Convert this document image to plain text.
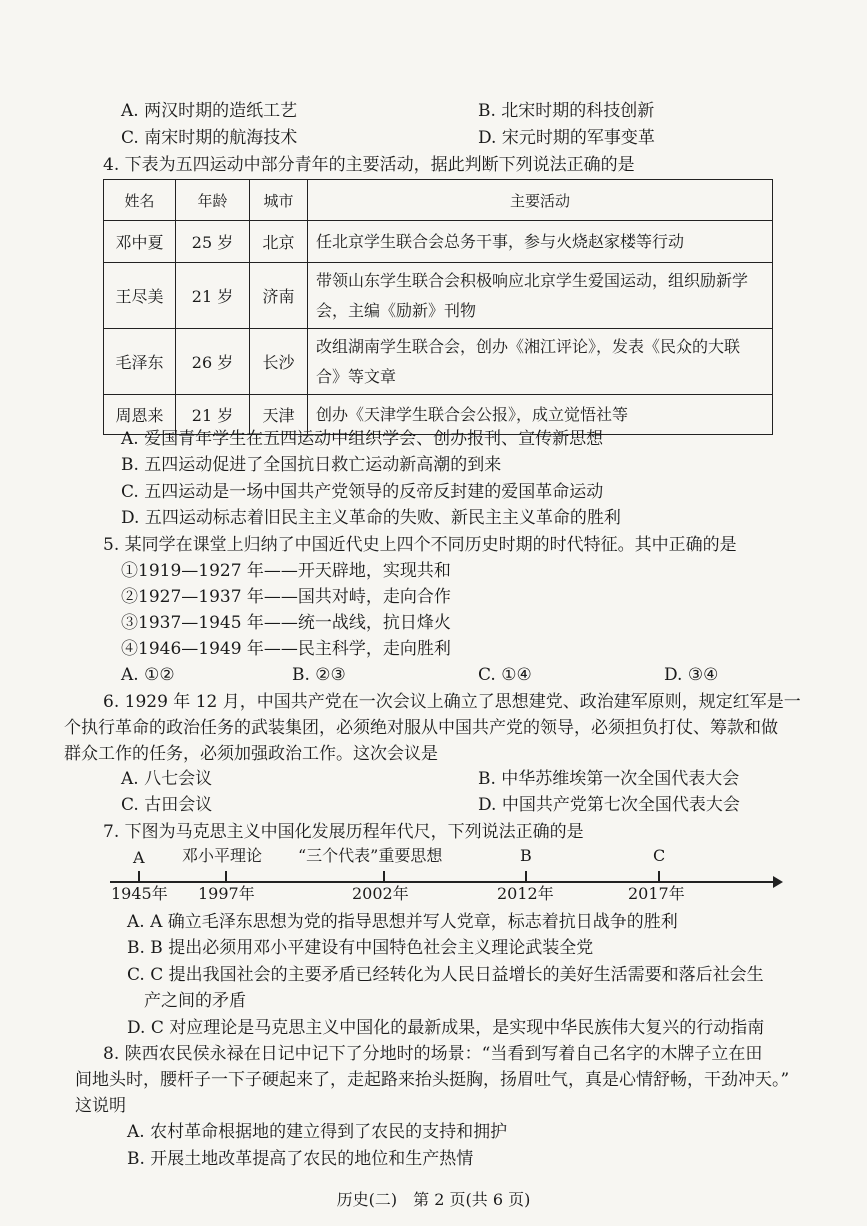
A. 两汉时期的造纸工艺	B. 北宋时期的科技创新
C. 南宋时期的航海技术	D. 宋元时期的军事变革
4. 下表为五四运动中部分青年的主要活动，据此判断下列说法正确的是
姓名	年龄	城市	主要活动
邓中夏	25 岁	北京	任北京学生联合会总务干事，参与火烧赵家楼等行动
王尽美	21 岁	济南	带领山东学生联合会积极响应北京学生爱国运动，组织励新学会，主编《励新》刊物
毛泽东	26 岁	长沙	改组湖南学生联合会，创办《湘江评论》，发表《民众的大联合》等文章
周恩来	21 岁	天津	创办《天津学生联合会公报》，成立觉悟社等
A. 爱国青年学生在五四运动中组织学会、创办报刊、宣传新思想
B. 五四运动促进了全国抗日救亡运动新高潮的到来
C. 五四运动是一场中国共产党领导的反帝反封建的爱国革命运动
D. 五四运动标志着旧民主主义革命的失败、新民主主义革命的胜利
5. 某同学在课堂上归纳了中国近代史上四个不同历史时期的时代特征。其中正确的是
①1919—1927 年——开天辟地，实现共和
②1927—1937 年——国共对峙，走向合作
③1937—1945 年——统一战线，抗日烽火
④1946—1949 年——民主科学，走向胜利
A. ①②	B. ②③	C. ①④	D. ③④
6. 1929 年 12 月，中国共产党在一次会议上确立了思想建党、政治建军原则，规定红军是一
个执行革命的政治任务的武装集团，必须绝对服从中国共产党的领导，必须担负打仗、筹款和做
群众工作的任务，必须加强政治工作。这次会议是
A. 八七会议	B. 中华苏维埃第一次全国代表大会
C. 古田会议	D. 中国共产党第七次全国代表大会
7. 下图为马克思主义中国化发展历程年代尺，下列说法正确的是
A 邓小平理论 “三个代表”重要思想	B	C
1945年 1997年	2002年	2012年	2017年
A. A 确立毛泽东思想为党的指导思想并写人党章，标志着抗日战争的胜利
B. B 提出必须用邓小平建设有中国特色社会主义理论武装全党
C. C 提出我国社会的主要矛盾已经转化为人民日益增长的美好生活需要和落后社会生
产之间的矛盾
D. C 对应理论是马克思主义中国化的最新成果，是实现中华民族伟大复兴的行动指南
8. 陕西农民侯永禄在日记中记下了分地时的场景：“当看到写着自己名字的木牌子立在田
间地头时，腰杆子一下子硬起来了，走起路来抬头挺胸，扬眉吐气，真是心情舒畅，干劲冲天。”
这说明
A. 农村革命根据地的建立得到了农民的支持和拥护
B. 开展土地改革提高了农民的地位和生产热情
历史(二)　第 2 页(共 6 页)
